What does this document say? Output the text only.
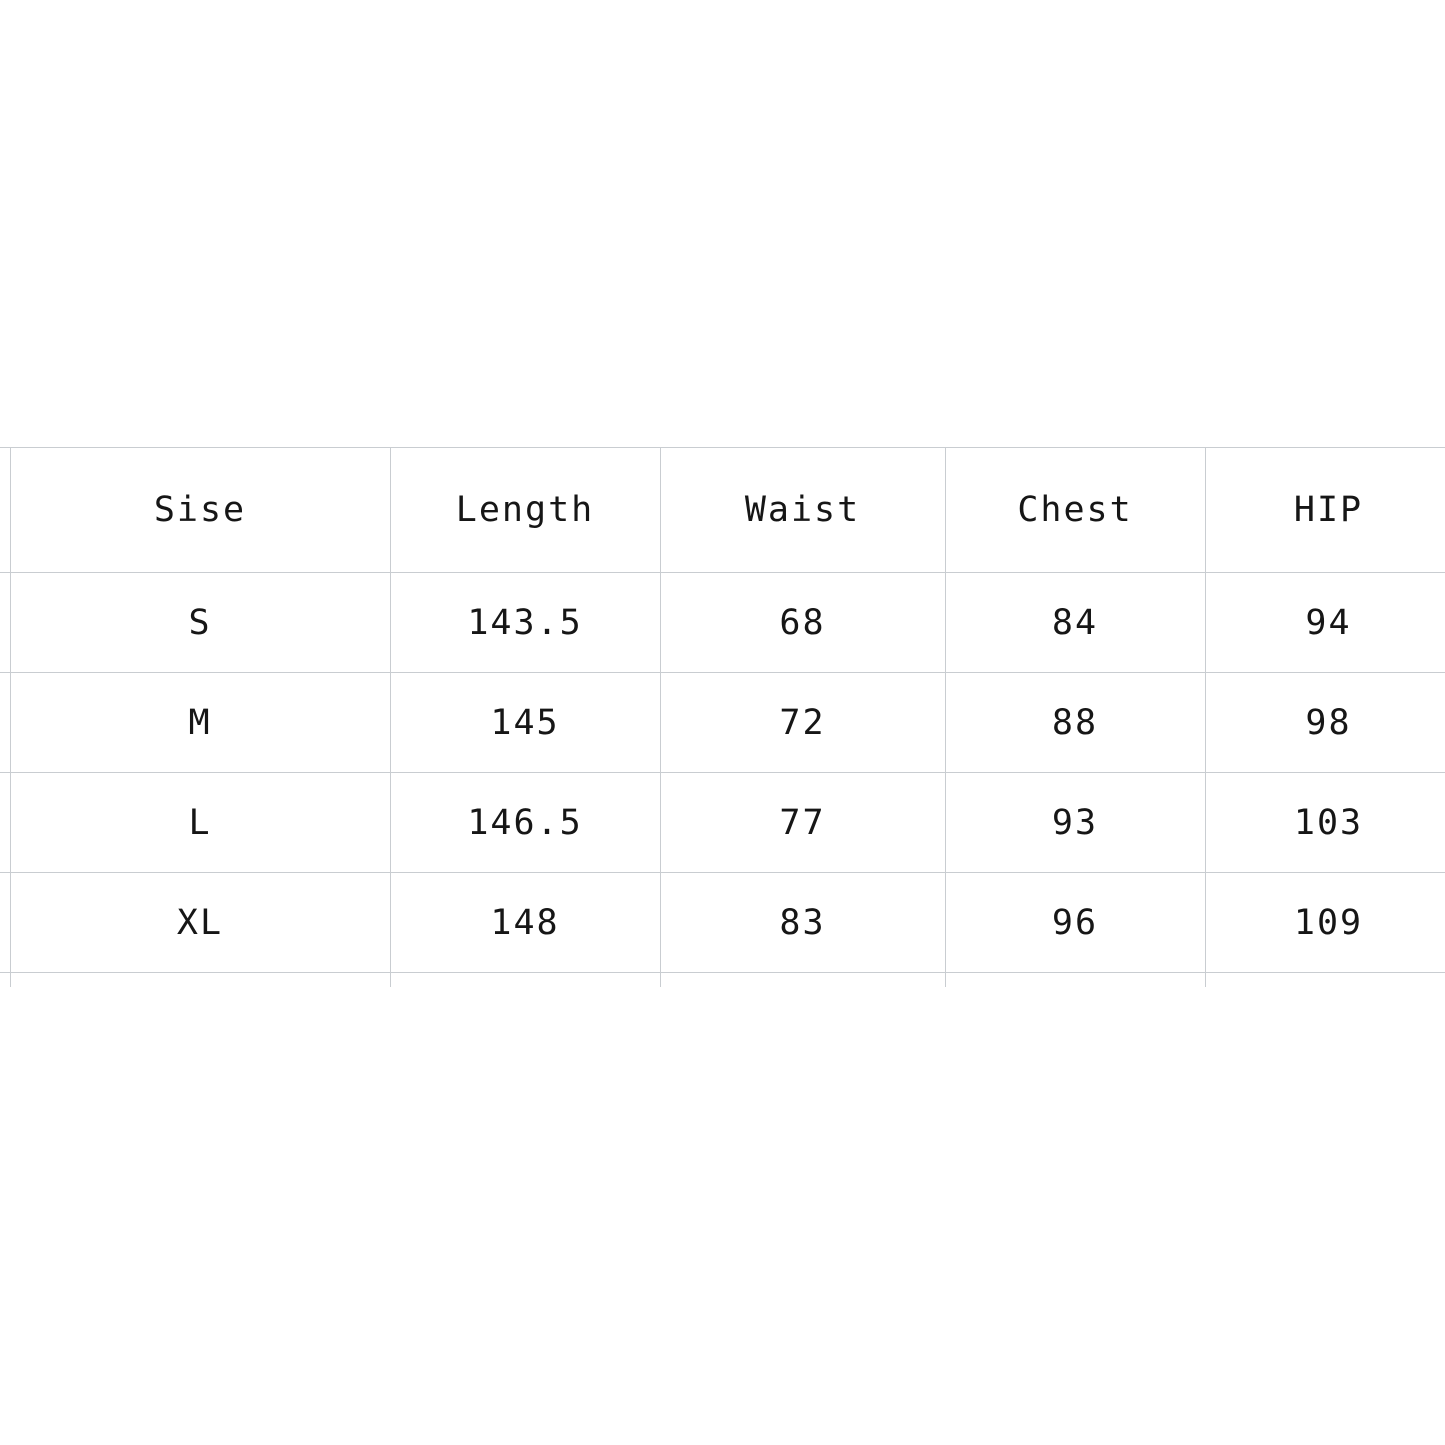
	Sise	Length	Waist	Chest	HIP
	S	143.5	68	84	94
	M	145	72	88	98
	L	146.5	77	93	103
	XL	148	83	96	109
